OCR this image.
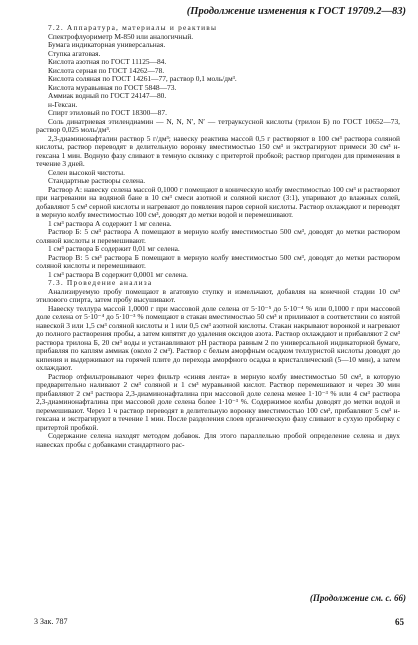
(Продолжение изменения к ГОСТ 19709.2—83)

7.2. Аппаратура, материалы и реактивы

Спектрофлуориметр М-850 или аналогичный.

Бумага индикаторная универсальная.

Ступка агатовая.

Кислота азотная по ГОСТ 11125—84.

Кислота серная по ГОСТ 14262—78.

Кислота соляная по ГОСТ 14261—77, раствор 0,1 моль/дм³.

Кислота муравьиная по ГОСТ 5848—73.

Аммиак водный по ГОСТ 24147—80.

н-Гексан.

Спирт этиловый по ГОСТ 18300—87.

Соль динатриевая этилендиамин — N, N, N′, N′ — тетрауксусной кислоты (трилон Б) по ГОСТ 10652—73, раствор 0,025 моль/дм³.

2,3-диаминонафталин раствор 5 г/дм³; навеску реактива массой 0,5 г растворяют в 100 см³ раствора соляной кислоты, раствор переводят в делительную воронку вместимостью 150 см³ и экстрагируют примеси 30 см³ н-гексана 1 мин. Водную фазу сливают в темную склянку с притертой пробкой; раствор пригоден для применения в течение 3 дней.

Селен высокой чистоты.

Стандартные растворы селена.

Раствор А: навеску селена массой 0,1000 г помещают в коническую колбу вместимостью 100 см³ и растворяют при нагревании на водяной бане в 10 см³ смеси азотной и соляной кислот (3:1), упаривают до влажных солей, добавляют 5 см³ серной кислоты и нагревают до появления паров серной кислоты. Раствор охлаждают и переводят в мерную колбу вместимостью 100 см³, доводят до метки водой и перемешивают.

1 см³ раствора А содержит 1 мг селена.

Раствор Б: 5 см³ раствора А помещают в мерную колбу вместимостью 500 см³, доводят до метки раствором соляной кислоты и перемешивают.

1 см³ раствора Б содержит 0,01 мг селена.

Раствор В: 5 см³ раствора Б помещают в мерную колбу вместимостью 500 см³, доводят до метки раствором соляной кислоты и перемешивают.

1 см³ раствора В содержит 0,0001 мг селена.

7.3. Проведение анализа

Анализируемую пробу помещают в агатовую ступку и измельчают, добавляя на конечной стадии 10 см³ этилового спирта, затем пробу высушивают.

Навеску теллура массой 1,0000 г при массовой доле селена от 5·10⁻⁵ до 5·10⁻⁴ % или 0,1000 г при массовой доле селена от 5·10⁻⁴ до 5·10⁻³ % помещают в стакан вместимостью 50 см³ и приливают в соответствии со взятой навеской 3 или 1,5 см³ соляной кислоты и 1 или 0,5 см³ азотной кислоты. Стакан накрывают воронкой и нагревают до полного растворения пробы, а затем кипятят до удаления оксидов азота. Раствор охлаждают и прибавляют 2 см³ раствора трилона Б, 20 см³ воды и устанавливают рН раствора равным 2 по универсальной индикаторной бумаге, прибавляя по каплям аммиак (около 2 см³). Раствор с белым аморфным осадком теллуристой кислоты доводят до кипения и выдерживают на горячей плите до перехода аморфного осадка в кристаллический (5—10 мин), а затем охлаждают.

Раствор отфильтровывают через фильтр «синяя лента» в мерную колбу вместимостью 50 см³, в которую предварительно наливают 2 см³ соляной и 1 см³ муравьиной кислот. Раствор перемешивают и через 30 мин прибавляют 2 см³ раствора 2,3-диаминонафталина при массовой доле селена менее 1·10⁻³ % или 4 см³ раствора 2,3-диаминонафталина при массовой доле селена более 1·10⁻³ %. Содержимое колбы доводят до метки водой и перемешивают. Через 1 ч раствор переводят в делительную воронку вместимостью 100 см³, прибавляют 5 см³ н-гексана и экстрагируют в течение 1 мин. После разделения слоев органическую фазу сливают в сухую пробирку с притертой пробкой.

Содержание селена находят методом добавок. Для этого параллельно пробой определение селена и двух навесках пробы с добавками стандартного рас-

(Продолжение см. с. 66)
3 Зак. 787	65
